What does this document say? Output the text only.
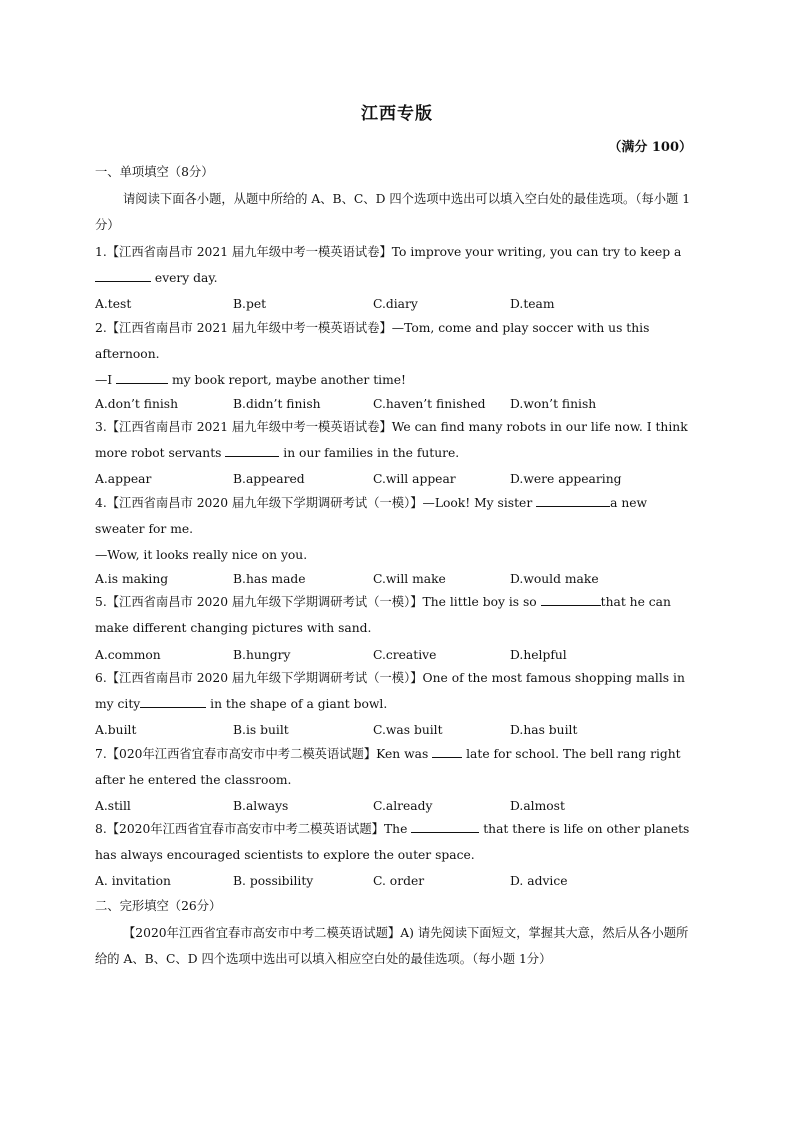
江西专版
（满分 100）
一、单项填空（8分）
请阅读下面各小题，从题中所给的 A、B、C、D 四个选项中选出可以填入空白处的最佳选项。（每小题 1分）

1.【江西省南昌市 2021 届九年级中考一模英语试卷】To improve your writing, you can try to keep a
every day.

A.test	B.pet	C.diary	D.team

2.【江西省南昌市 2021 届九年级中考一模英语试卷】—Tom, come and play soccer with us this afternoon.

—I	my book report, maybe another time!
A.don’t finish	B.didn’t finish	C.haven’t finished D.won’t finish

3.【江西省南昌市 2021 届九年级中考一模英语试卷】We can find many robots in our life now. I think more robot servants	in our families in the future.

A.appear	B.appeared	C.will appear	D.were appearing

4.【江西省南昌市 2020 届九年级下学期调研考试（一模）】—Look! My sister	a new sweater for me.

—Wow, it looks really nice on you.
A.is making	B.has made	C.will make	D.would make

5.【江西省南昌市 2020 届九年级下学期调研考试（一模）】The little boy is so	that he can make different changing pictures with sand.

A.common	B.hungry	C.creative	D.helpful

6.【江西省南昌市 2020 届九年级下学期调研考试（一模）】One of the most famous shopping malls in my city	in the shape of a giant bowl.

A.built	B.is built	C.was built	D.has built

7.【020年江西省宜春市高安市中考二模英语试题】Ken was	late for school. The bell rang right after he entered the classroom.

A.still	B.always	C.already	D.almost

8.【2020年江西省宜春市高安市中考二模英语试题】The	that there is life on other planets has always encouraged scientists to explore the outer space.

A. invitation	B. possibility	C. order	D. advice
二、完形填空（26分）
【2020年江西省宜春市高安市中考二模英语试题】A) 请先阅读下面短文，掌握其大意，然后从各小题所给的 A、B、C、D 四个选项中选出可以填入相应空白处的最佳选项。（每小题 1分）
